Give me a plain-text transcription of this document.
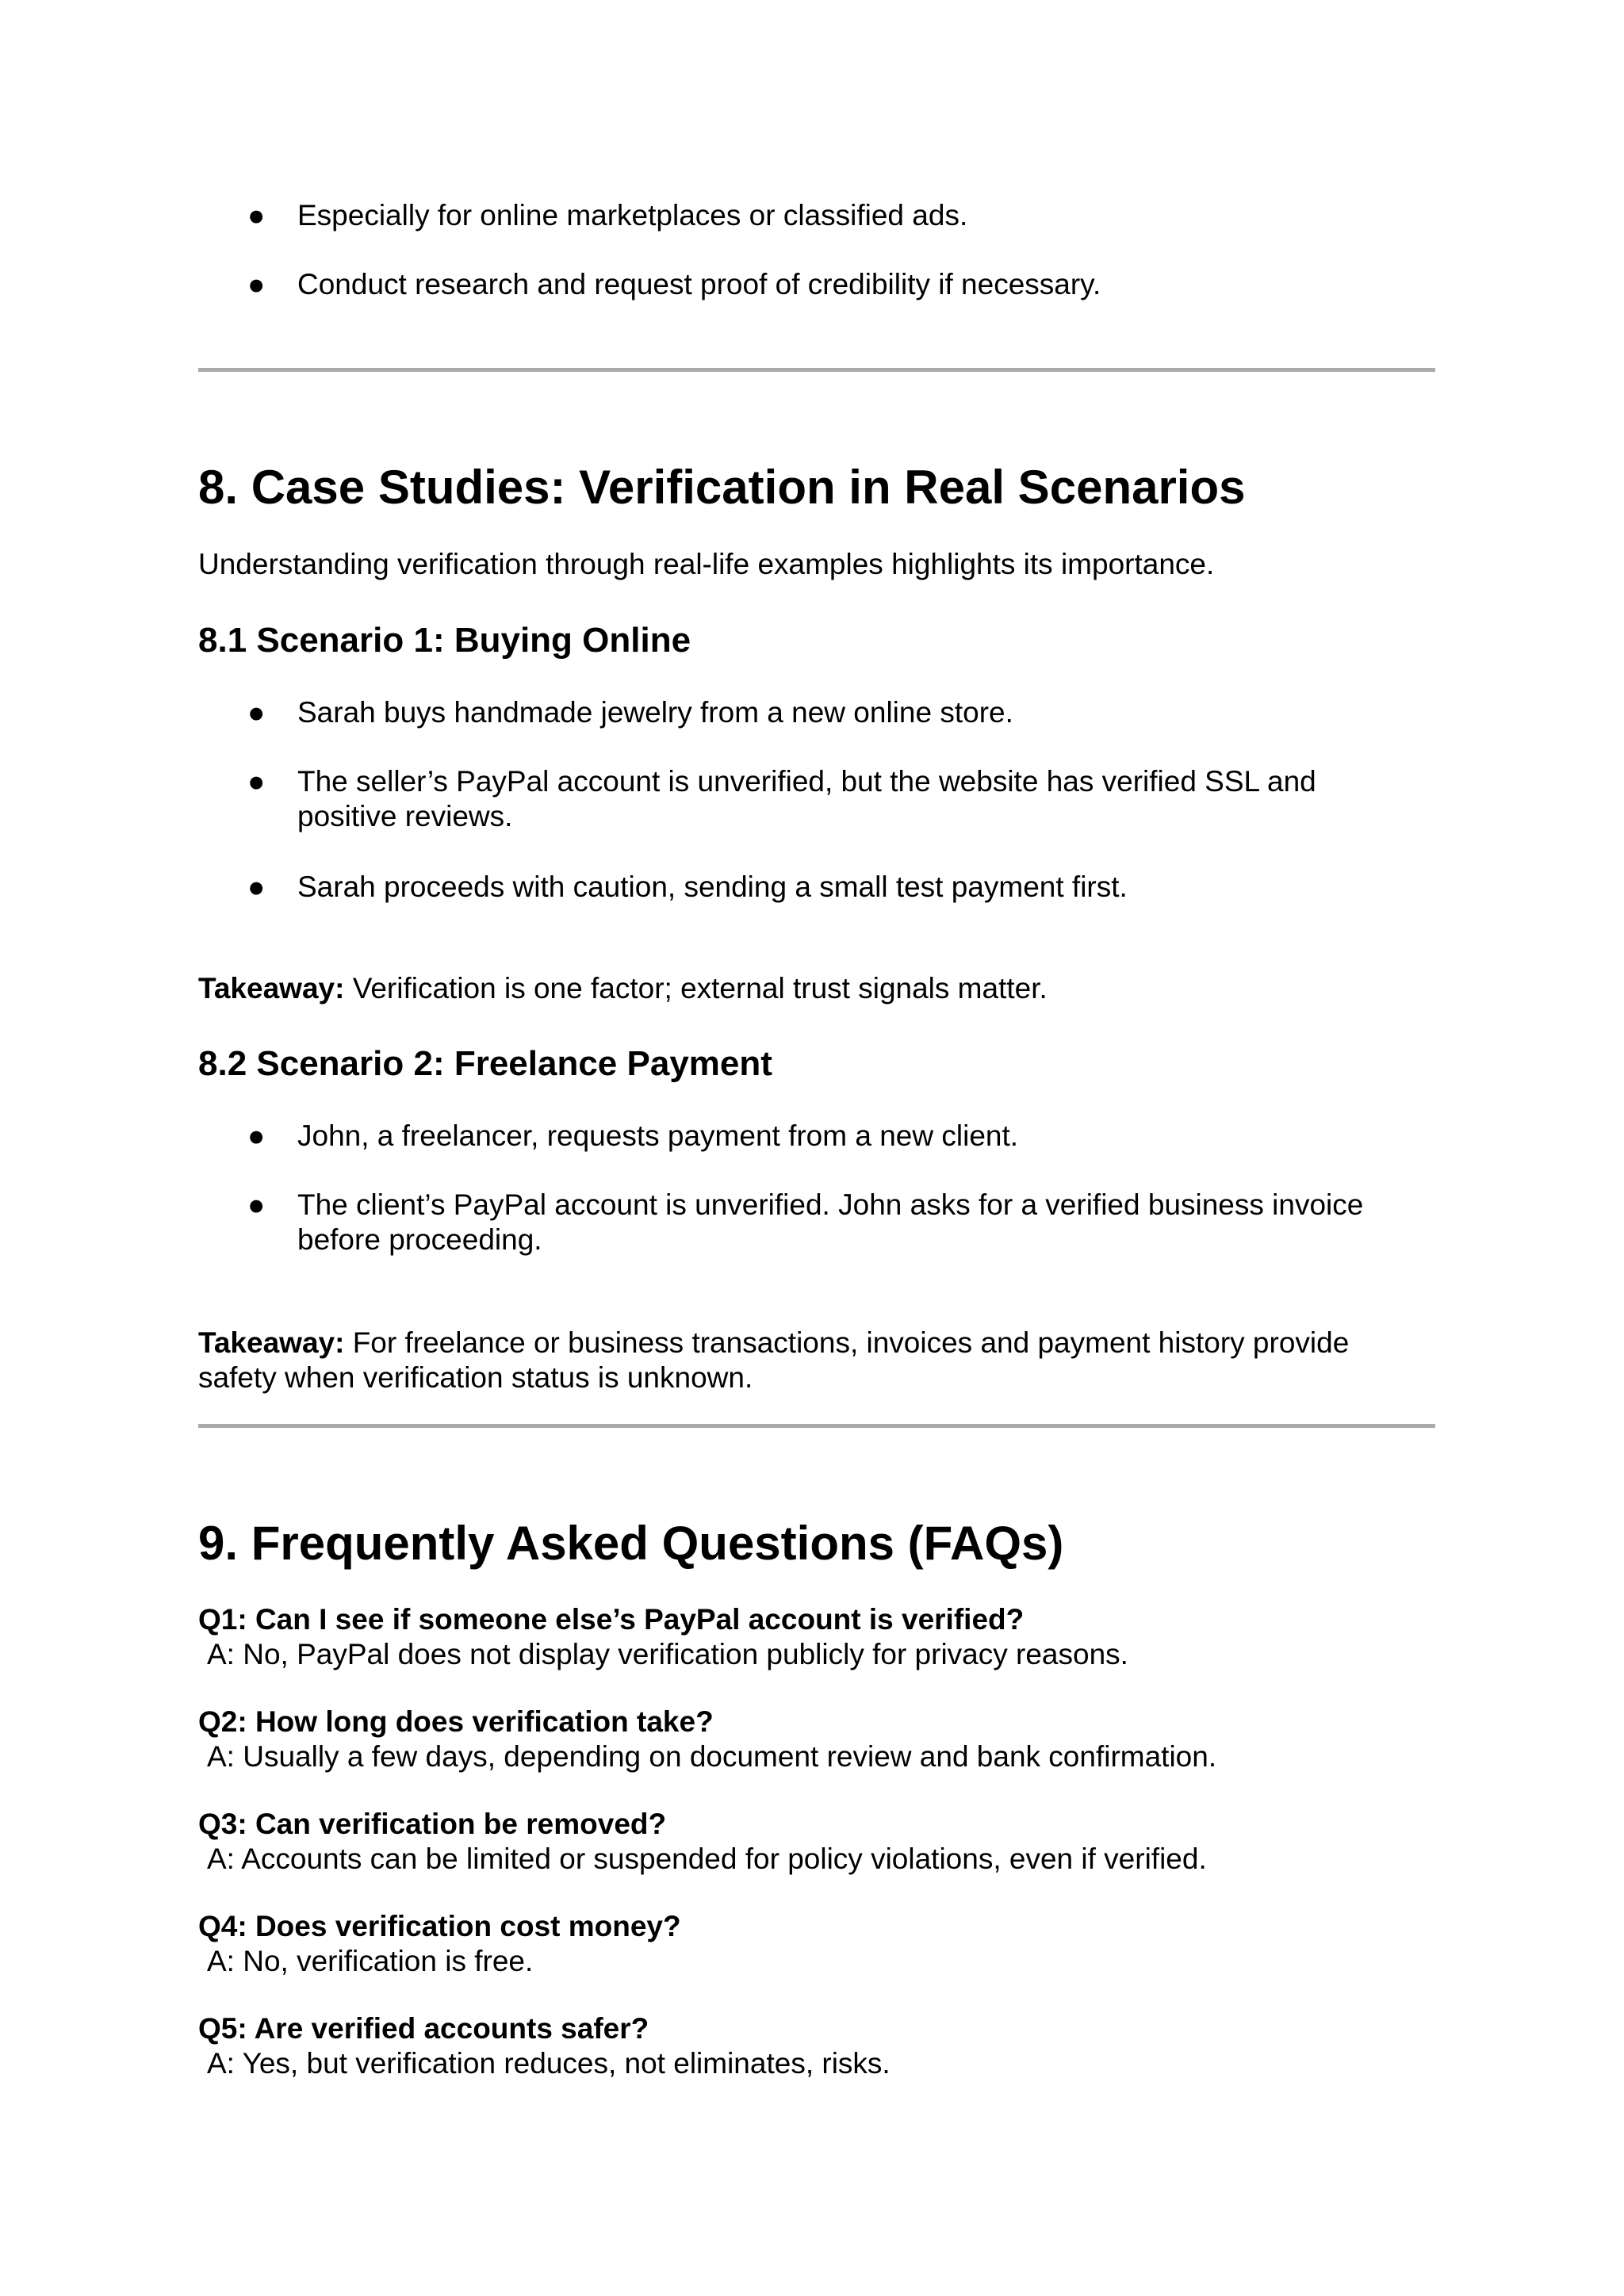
● Especially for online marketplaces or classified ads.
● Conduct research and request proof of credibility if necessary.
8. Case Studies: Verification in Real Scenarios

Understanding verification through real-life examples highlights its importance.

8.1 Scenario 1: Buying Online
● Sarah buys handmade jewelry from a new online store.
● The seller’s PayPal account is unverified, but the website has verified SSL and positive reviews.
● Sarah proceeds with caution, sending a small test payment first.

Takeaway: Verification is one factor; external trust signals matter.

8.2 Scenario 2: Freelance Payment
● John, a freelancer, requests payment from a new client.
● The client’s PayPal account is unverified. John asks for a verified business invoice before proceeding.

Takeaway: For freelance or business transactions, invoices and payment history provide safety when verification status is unknown.

9. Frequently Asked Questions (FAQs)
Q1: Can I see if someone else’s PayPal account is verified?
A: No, PayPal does not display verification publicly for privacy reasons.
Q2: How long does verification take?
A: Usually a few days, depending on document review and bank confirmation.
Q3: Can verification be removed?
A: Accounts can be limited or suspended for policy violations, even if verified.
Q4: Does verification cost money?
A: No, verification is free.
Q5: Are verified accounts safer?
A: Yes, but verification reduces, not eliminates, risks.
